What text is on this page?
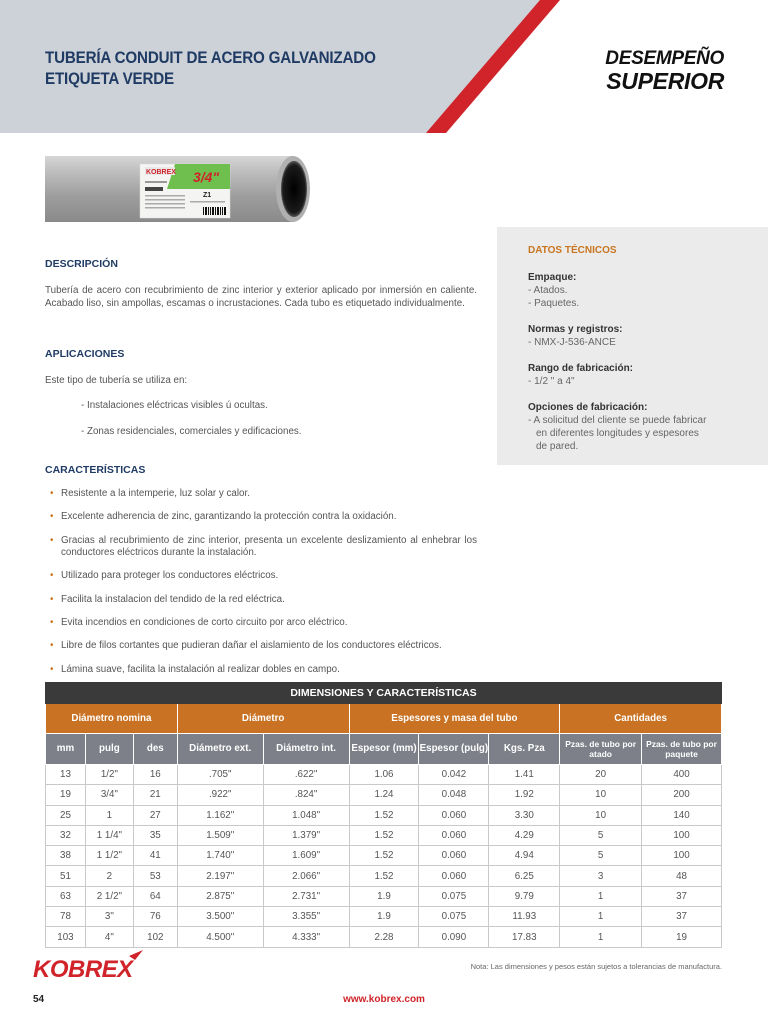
TUBERÍA CONDUIT DE ACERO GALVANIZADO
ETIQUETA VERDE
DESEMPEÑO
SUPERIOR
KOBREX 3/4"
Z1
DATOS TÉCNICOS
Empaque:
- Atados.
- Paquetes.
Normas y registros:
- NMX-J-536-ANCE
Rango de fabricación:
- 1/2 " a 4"
Opciones de fabricación:
- A solicitud del cliente se puede fabricar
en diferentes longitudes y espesores
de pared.
DESCRIPCIÓN
Tubería de acero con recubrimiento de zinc interior y exterior aplicado por inmersión en caliente. Acabado liso, sin ampollas, escamas o incrustaciones. Cada tubo es etiquetado individualmente.
APLICACIONES
Este tipo de tubería se utiliza en:
- Instalaciones eléctricas visibles ú ocultas.
- Zonas residenciales, comerciales y edificaciones.
CARACTERÍSTICAS
• Resistente a la intemperie, luz solar y calor.
• Excelente adherencia de zinc, garantizando la protección contra la oxidación.
• Gracias al recubrimiento de zinc interior, presenta un excelente deslizamiento al enhebrar los conductores eléctricos durante la instalación.
• Utilizado para proteger los conductores eléctricos.
• Facilita la instalacion del tendido de la red eléctrica.
• Evita incendios en condiciones de corto circuito por arco eléctrico.
• Libre de filos cortantes que pudieran dañar el aislamiento de los conductores eléctricos.
• Lámina suave, facilita la instalación al realizar dobles en campo.
DIMENSIONES Y CARACTERÍSTICAS									
Diámetro nomina			Diámetro		Espesores y masa del tubo			Cantidades	
mm	pulg	des	Diámetro ext.	Diámetro int.	Espesor (mm)	Espesor (pulg)	Kgs. Pza	Pzas. de tubo por atado	Pzas. de tubo por paquete
13	1/2"	16	.705"	.622"	1.06	0.042	1.41	20	400
19	3/4"	21	.922"	.824"	1.24	0.048	1.92	10	200
25	1	27	1.162"	1.048"	1.52	0.060	3.30	10	140
32	1 1/4"	35	1.509"	1.379"	1.52	0.060	4.29	5	100
38	1 1/2"	41	1.740"	1.609"	1.52	0.060	4.94	5	100
51	2	53	2.197"	2.066"	1.52	0.060	6.25	3	48
63	2 1/2"	64	2.875"	2.731"	1.9	0.075	9.79	1	37
78	3"	76	3.500"	3.355"	1.9	0.075	11.93	1	37
103	4"	102	4.500"	4.333"	2.28	0.090	17.83	1	19
KOBREX	Nota: Las dimensiones y pesos están sujetos a tolerancias de manufactura.
54	www.kobrex.com
